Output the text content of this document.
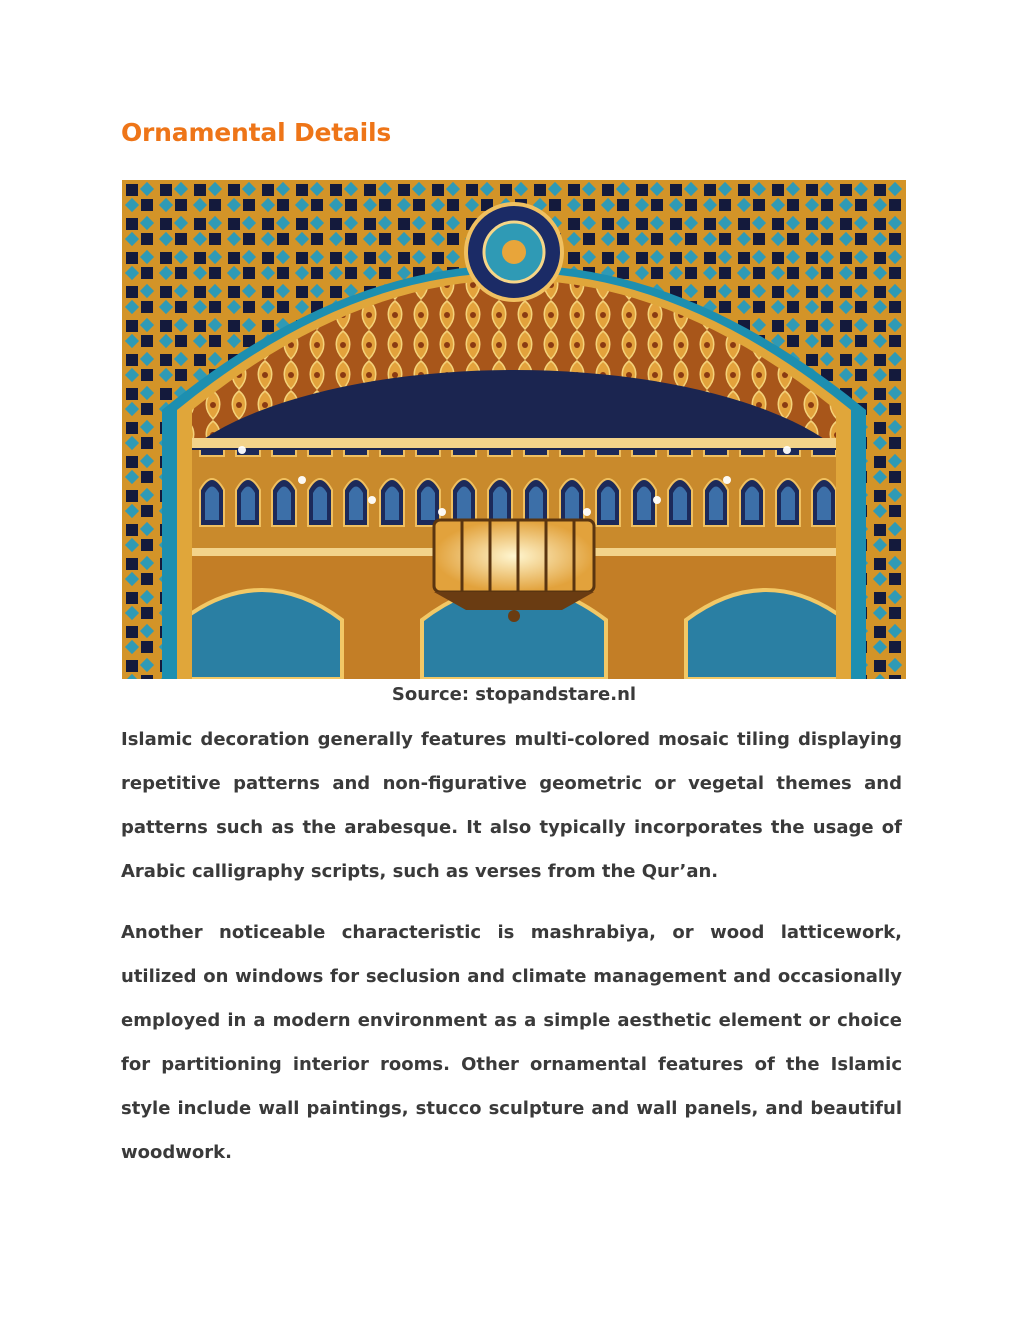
Ornamental Details
Source: stopandstare.nl

Islamic decoration generally features multi-colored mosaic tiling displaying repetitive patterns and non-figurative geometric or vegetal themes and patterns such as the arabesque. It also typically incorporates the usage of Arabic calligraphy scripts, such as verses from the Qur’an.

Another noticeable characteristic is mashrabiya, or wood latticework, utilized on windows for seclusion and climate management and occasionally employed in a modern environment as a simple aesthetic element or choice for partitioning interior rooms. Other ornamental features of the Islamic style include wall paintings, stucco sculpture and wall panels, and beautiful woodwork.
